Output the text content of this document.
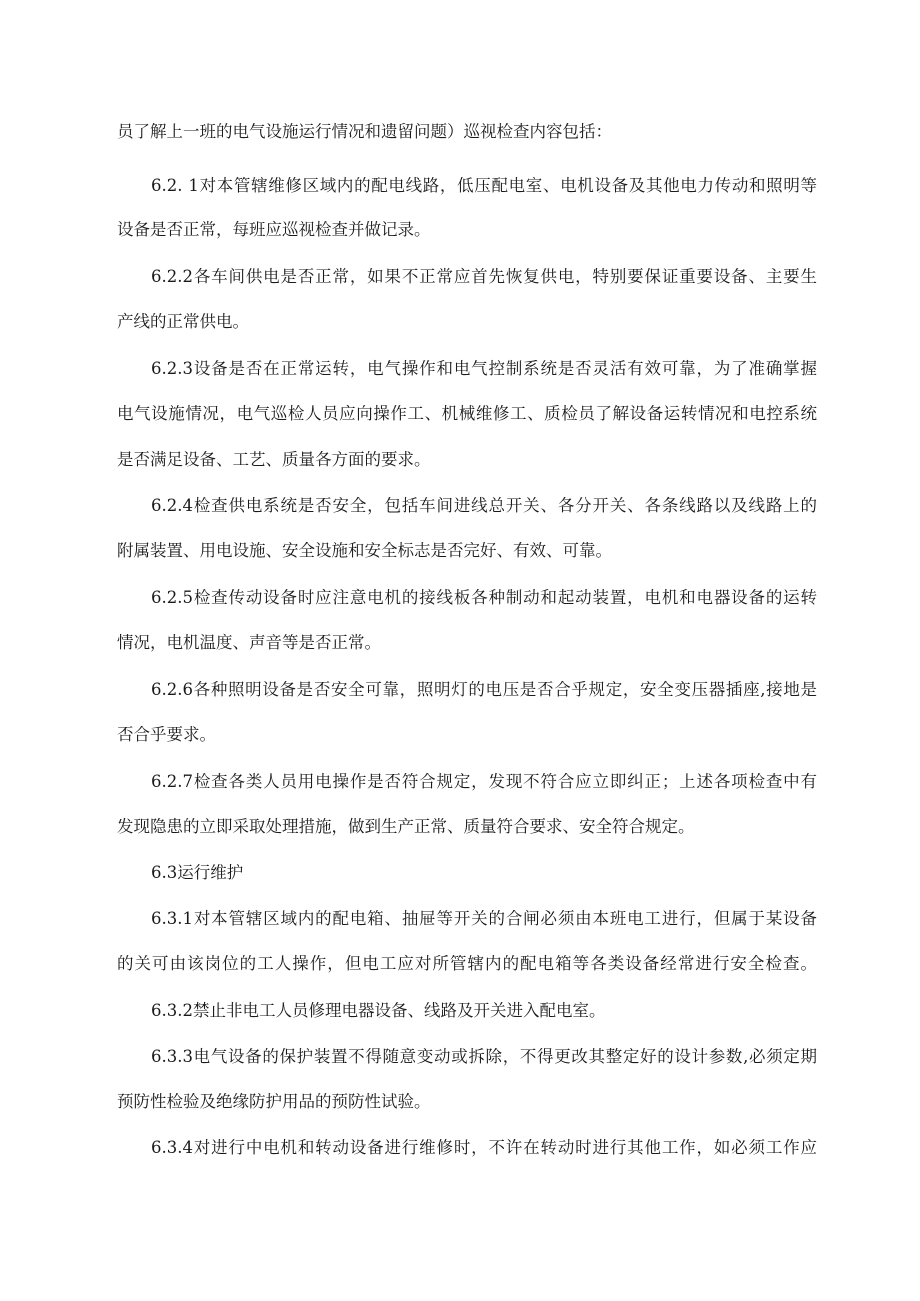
员了解上一班的电气设施运行情况和遗留问题）巡视检查内容包括：
6.2. 1对本管辖维修区域内的配电线路，低压配电室、电机设备及其他电力传动和照明等
设备是否正常，每班应巡视检查并做记录。
6.2.2各车间供电是否正常，如果不正常应首先恢复供电，特别要保证重要设备、主要生
产线的正常供电。
6.2.3设备是否在正常运转，电气操作和电气控制系统是否灵活有效可靠，为了准确掌握
电气设施情况，电气巡检人员应向操作工、机械维修工、质检员了解设备运转情况和电控系统
是否满足设备、工艺、质量各方面的要求。
6.2.4检查供电系统是否安全，包括车间进线总开关、各分开关、各条线路以及线路上的
附属装置、用电设施、安全设施和安全标志是否完好、有效、可靠。
6.2.5检查传动设备时应注意电机的接线板各种制动和起动装置，电机和电器设备的运转
情况，电机温度、声音等是否正常。
6.2.6各种照明设备是否安全可靠，照明灯的电压是否合乎规定，安全变压器插座,接地是
否合乎要求。
6.2.7检查各类人员用电操作是否符合规定，发现不符合应立即纠正；上述各项检查中有
发现隐患的立即采取处理措施，做到生产正常、质量符合要求、安全符合规定。
6.3运行维护
6.3.1对本管辖区域内的配电箱、抽屉等开关的合闸必须由本班电工进行，但属于某设备
的关可由该岗位的工人操作，但电工应对所管辖内的配电箱等各类设备经常进行安全检查。
6.3.2禁止非电工人员修理电器设备、线路及开关进入配电室。
6.3.3电气设备的保护装置不得随意变动或拆除，不得更改其整定好的设计参数,必须定期
预防性检验及绝缘防护用品的预防性试验。
6.3.4对进行中电机和转动设备进行维修时，不许在转动时进行其他工作，如必须工作应
